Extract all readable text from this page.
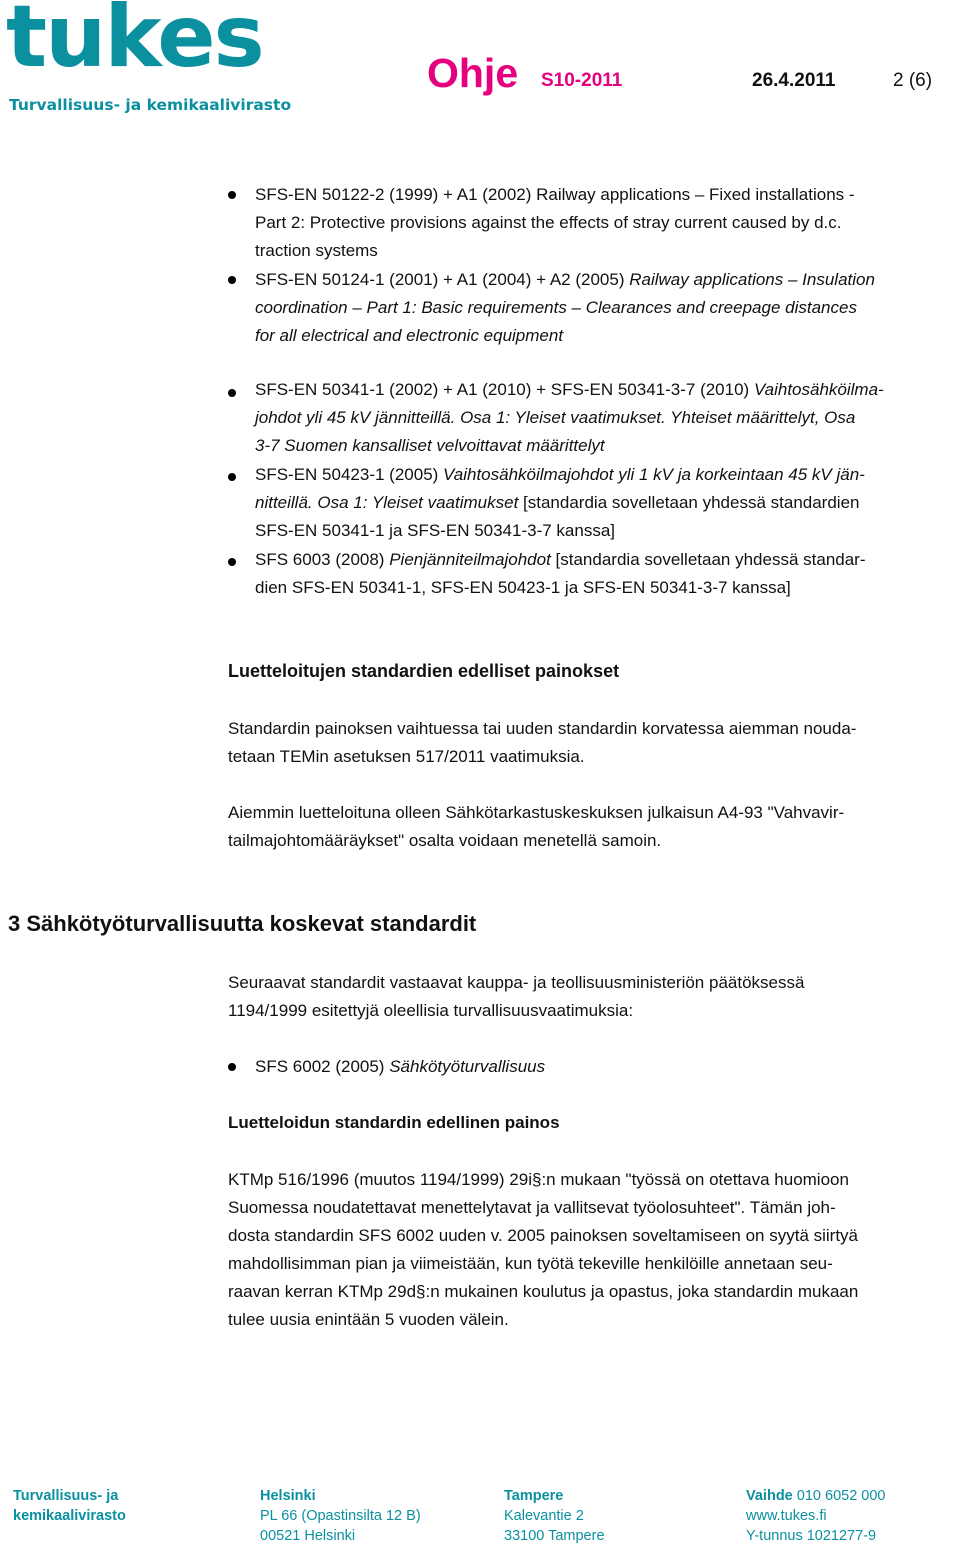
tukes
Turvallisuus- ja kemikaalivirasto
Ohje S10-2011	26.4.2011	2 (6)
SFS-EN 50122-2 (1999) + A1 (2002) Railway applications – Fixed installations -
Part 2: Protective provisions against the effects of stray current caused by d.c.
traction systems
SFS-EN 50124-1 (2001) + A1 (2004) + A2 (2005) Railway applications – Insulation
coordination – Part 1: Basic requirements – Clearances and creepage distances
for all electrical and electronic equipment
SFS-EN 50341-1 (2002) + A1 (2010) + SFS-EN 50341-3-7 (2010) Vaihtosähköilma-
johdot yli 45 kV jännitteillä. Osa 1: Yleiset vaatimukset. Yhteiset määrittelyt, Osa
3-7 Suomen kansalliset velvoittavat määrittelyt
SFS-EN 50423-1 (2005) Vaihtosähköilmajohdot yli 1 kV ja korkeintaan 45 kV jän-
nitteillä. Osa 1: Yleiset vaatimukset [standardia sovelletaan yhdessä standardien
SFS-EN 50341-1 ja SFS-EN 50341-3-7 kanssa]
SFS 6003 (2008) Pienjänniteilmajohdot [standardia sovelletaan yhdessä standar-
dien SFS-EN 50341-1, SFS-EN 50423-1 ja SFS-EN 50341-3-7 kanssa]
Luetteloitujen standardien edelliset painokset
Standardin painoksen vaihtuessa tai uuden standardin korvatessa aiemman nouda-
tetaan TEMin asetuksen 517/2011 vaatimuksia.
Aiemmin luetteloituna olleen Sähkötarkastuskeskuksen julkaisun A4-93 "Vahvavir-
tailmajohtomääräykset" osalta voidaan menetellä samoin.
3 Sähkötyöturvallisuutta koskevat standardit
Seuraavat standardit vastaavat kauppa- ja teollisuusministeriön päätöksessä
1194/1999 esitettyjä oleellisia turvallisuusvaatimuksia:
SFS 6002 (2005) Sähkötyöturvallisuus
Luetteloidun standardin edellinen painos
KTMp 516/1996 (muutos 1194/1999) 29i§:n mukaan "työssä on otettava huomioon
Suomessa noudatettavat menettelytavat ja vallitsevat työolosuhteet". Tämän joh-
dosta standardin SFS 6002 uuden v. 2005 painoksen soveltamiseen on syytä siirtyä
mahdollisimman pian ja viimeistään, kun työtä tekeville henkilöille annetaan seu-
raavan kerran KTMp 29d§:n mukainen koulutus ja opastus, joka standardin mukaan
tulee uusia enintään 5 vuoden välein.
Turvallisuus- ja
kemikaalivirasto
Helsinki
PL 66 (Opastinsilta 12 B)
00521 Helsinki
Tampere
Kalevantie 2
33100 Tampere
Vaihde 010 6052 000
www.tukes.fi
Y-tunnus 1021277-9
